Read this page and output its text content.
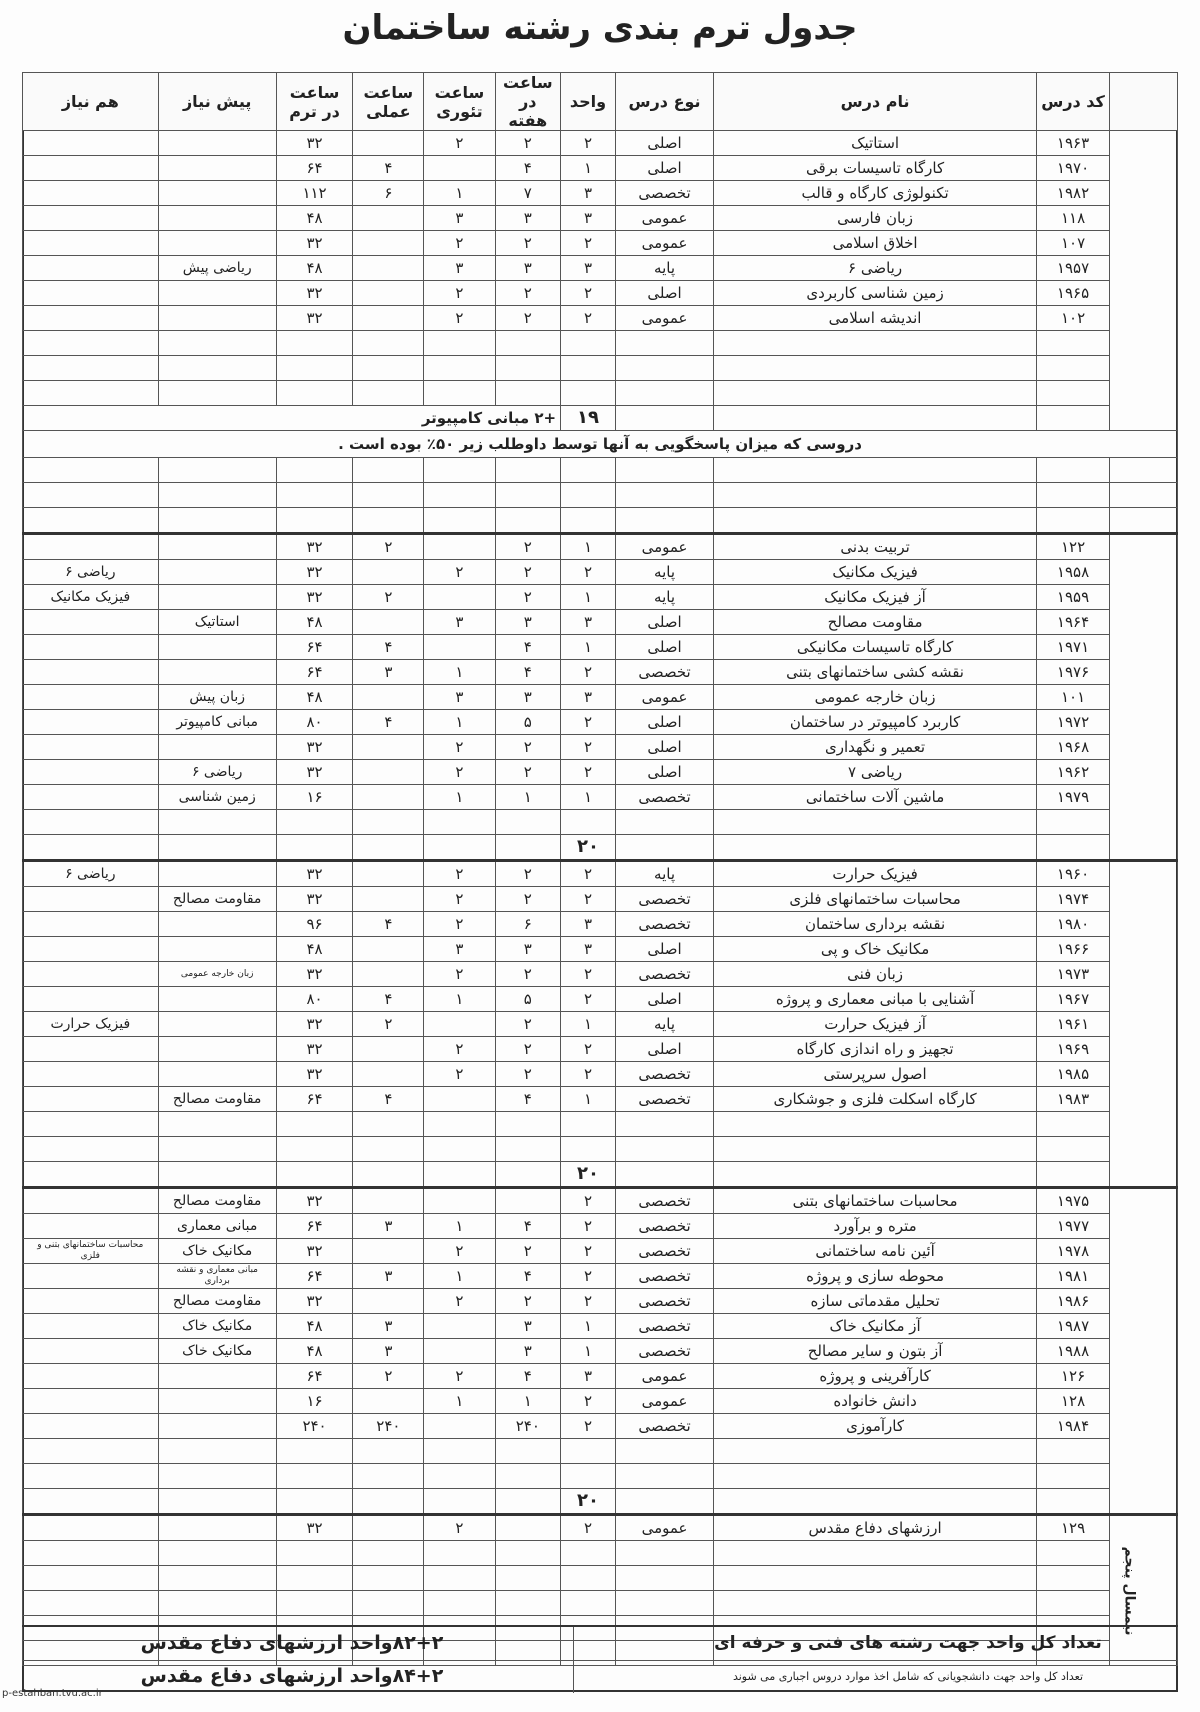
جدول ترم بندی رشته ساختمان
	کد درس	نام درس	نوع درس	واحد	ساعت در هفته	ساعت تئوری	ساعت عملی	ساعت در ترم	پیش نیاز	هم نیاز
	۱۹۶۳	استاتیک	اصلی	۲	۲	۲		۳۲		
	۱۹۷۰	کارگاه تاسیسات برقی	اصلی	۱	۴		۴	۶۴		
	۱۹۸۲	تکنولوژی کارگاه و قالب	تخصصی	۳	۷	۱	۶	۱۱۲		
	۱۱۸	زبان فارسی	عمومی	۳	۳	۳		۴۸		
	۱۰۷	اخلاق اسلامی	عمومی	۲	۲	۲		۳۲		
	۱۹۵۷	ریاضی ۶	پایه	۳	۳	۳		۴۸	ریاضی پیش	
	۱۹۶۵	زمین شناسی کاربردی	اصلی	۲	۲	۲		۳۲		
	۱۰۲	اندیشه اسلامی	عمومی	۲	۲	۲		۳۲		

				۱۹	+۲ مبانی کامپیوتر					
دروسی که میزان پاسخگویی به آنها توسط داوطلب زیر ۵۰٪ بوده است .										

	۱۲۲	تربیت بدنی	عمومی	۱	۲		۲	۳۲		
	۱۹۵۸	فیزیک مکانیک	پایه	۲	۲	۲		۳۲		ریاضی ۶
	۱۹۵۹	آز فیزیک مکانیک	پایه	۱	۲		۲	۳۲		فیزیک مکانیک
	۱۹۶۴	مقاومت مصالح	اصلی	۳	۳	۳		۴۸	استاتیک	
	۱۹۷۱	کارگاه تاسیسات مکانیکی	اصلی	۱	۴		۴	۶۴		
	۱۹۷۶	نقشه کشی ساختمانهای بتنی	تخصصی	۲	۴	۱	۳	۶۴		
	۱۰۱	زبان خارجه عمومی	عمومی	۳	۳	۳		۴۸	زبان پیش	
	۱۹۷۲	کاربرد کامپیوتر در ساختمان	اصلی	۲	۵	۱	۴	۸۰	مبانی کامپیوتر	
	۱۹۶۸	تعمیر و نگهداری	اصلی	۲	۲	۲		۳۲		
	۱۹۶۲	ریاضی ۷	اصلی	۲	۲	۲		۳۲	ریاضی ۶	
	۱۹۷۹	ماشین آلات ساختمانی	تخصصی	۱	۱	۱		۱۶	زمین شناسی	

				۲۰						
	۱۹۶۰	فیزیک حرارت	پایه	۲	۲	۲		۳۲		ریاضی ۶
	۱۹۷۴	محاسبات ساختمانهای فلزی	تخصصی	۲	۲	۲		۳۲	مقاومت مصالح	
	۱۹۸۰	نقشه برداری ساختمان	تخصصی	۳	۶	۲	۴	۹۶		
	۱۹۶۶	مکانیک خاک و پی	اصلی	۳	۳	۳		۴۸		
	۱۹۷۳	زبان فنی	تخصصی	۲	۲	۲		۳۲	زبان خارجه عمومی	
	۱۹۶۷	آشنایی با مبانی معماری و پروژه	اصلی	۲	۵	۱	۴	۸۰		
	۱۹۶۱	آز فیزیک حرارت	پایه	۱	۲		۲	۳۲		فیزیک حرارت
	۱۹۶۹	تجهیز و راه اندازی کارگاه	اصلی	۲	۲	۲		۳۲		
	۱۹۸۵	اصول سرپرستی	تخصصی	۲	۲	۲		۳۲		
	۱۹۸۳	کارگاه اسکلت فلزی و جوشکاری	تخصصی	۱	۴		۴	۶۴	مقاومت مصالح	

				۲۰						
	۱۹۷۵	محاسبات ساختمانهای بتنی	تخصصی	۲				۳۲	مقاومت مصالح	
	۱۹۷۷	متره و برآورد	تخصصی	۲	۴	۱	۳	۶۴	مبانی معماری	
	۱۹۷۸	آئین نامه ساختمانی	تخصصی	۲	۲	۲		۳۲	مکانیک خاک	محاسبات ساختمانهای بتنی و فلزی
	۱۹۸۱	محوطه سازی و پروژه	تخصصی	۲	۴	۱	۳	۶۴	مبانی معماری و نقشه برداری	
	۱۹۸۶	تحلیل مقدماتی سازه	تخصصی	۲	۲	۲		۳۲	مقاومت مصالح	
	۱۹۸۷	آز مکانیک خاک	تخصصی	۱	۳		۳	۴۸	مکانیک خاک	
	۱۹۸۸	آز بتون و سایر مصالح	تخصصی	۱	۳		۳	۴۸	مکانیک خاک	
	۱۲۶	کارآفرینی و پروژه	عمومی	۳	۴	۲	۲	۶۴		
	۱۲۸	دانش خانواده	عمومی	۲	۱	۱		۱۶		
	۱۹۸۴	کارآموزی	تخصصی	۲	۲۴۰		۲۴۰	۲۴۰		

				۲۰						
نیمسال پنجم	۱۲۹	ارزشهای دفاع مقدس	عمومی	۲		۲		۳۲		

تعداد کل واحد جهت رشته های فنی و حرفه ای
۸۲+۲واحد ارزشهای دفاع مقدس
تعداد کل واحد جهت دانشجویانی که شامل اخذ موارد دروس اجباری می شوند
۸۴+۲واحد ارزشهای دفاع مقدس
p-estahban.tvu.ac.ir
